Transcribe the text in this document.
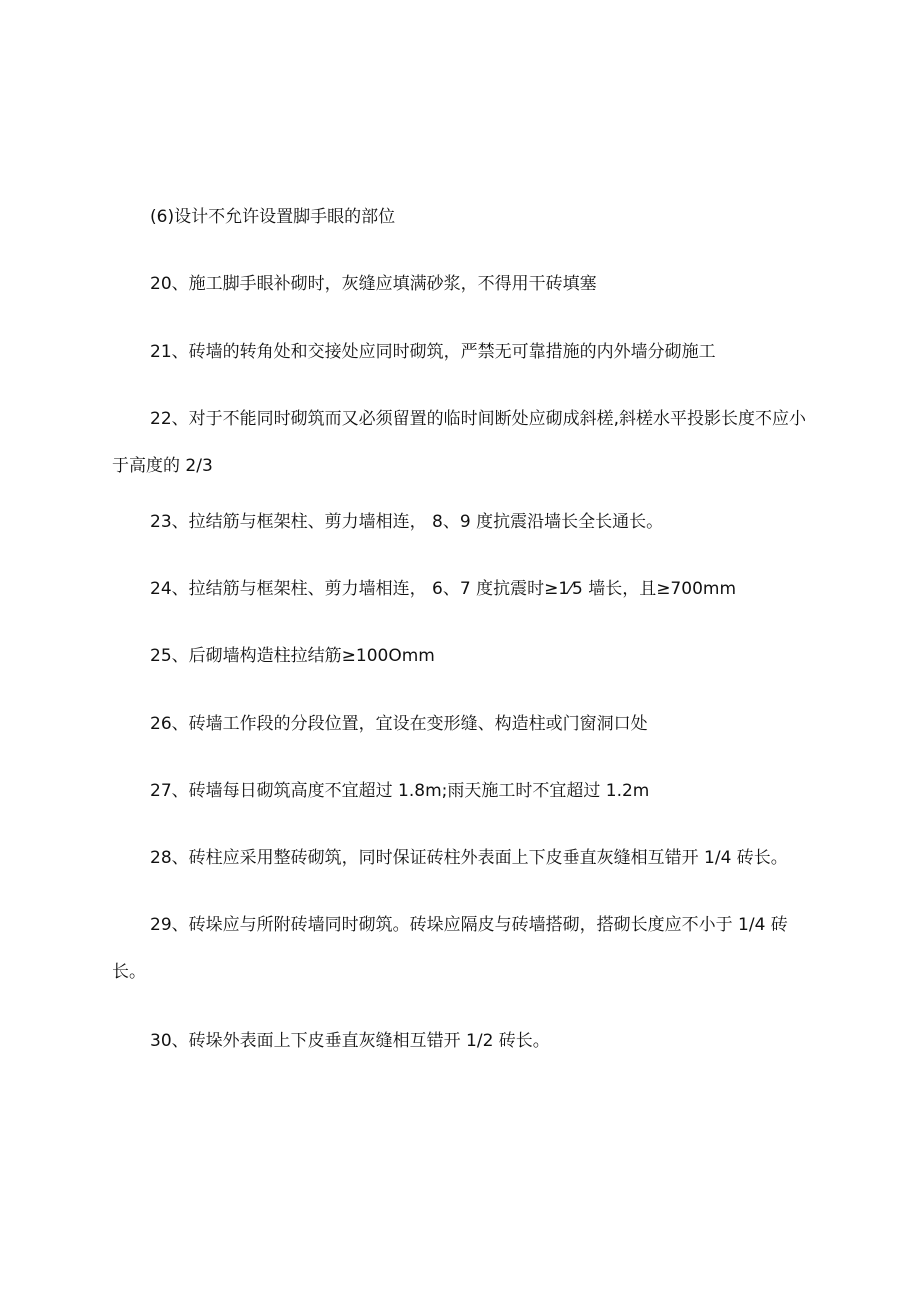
(6)设计不允许设置脚手眼的部位

20、施工脚手眼补砌时，灰缝应填满砂浆，不得用干砖填塞

21、砖墙的转角处和交接处应同时砌筑，严禁无可靠措施的内外墙分砌施工

22、对于不能同时砌筑而又必须留置的临时间断处应砌成斜槎,斜槎水平投影长度不应小
于高度的 2/3

23、拉结筋与框架柱、剪力墙相连， 8、9 度抗震沿墙长全长通长。

24、拉结筋与框架柱、剪力墙相连， 6、7 度抗震时≥1⁄5 墙长，且≥700mm

25、后砌墙构造柱拉结筋≥100Omm

26、砖墙工作段的分段位置，宜设在变形缝、构造柱或门窗洞口处

27、砖墙每日砌筑高度不宜超过 1.8m;雨天施工时不宜超过 1.2m

28、砖柱应采用整砖砌筑，同时保证砖柱外表面上下皮垂直灰缝相互错开 1/4 砖长。

29、砖垛应与所附砖墙同时砌筑。砖垛应隔皮与砖墙搭砌，搭砌长度应不小于 1/4 砖
长。

30、砖垛外表面上下皮垂直灰缝相互错开 1/2 砖长。
